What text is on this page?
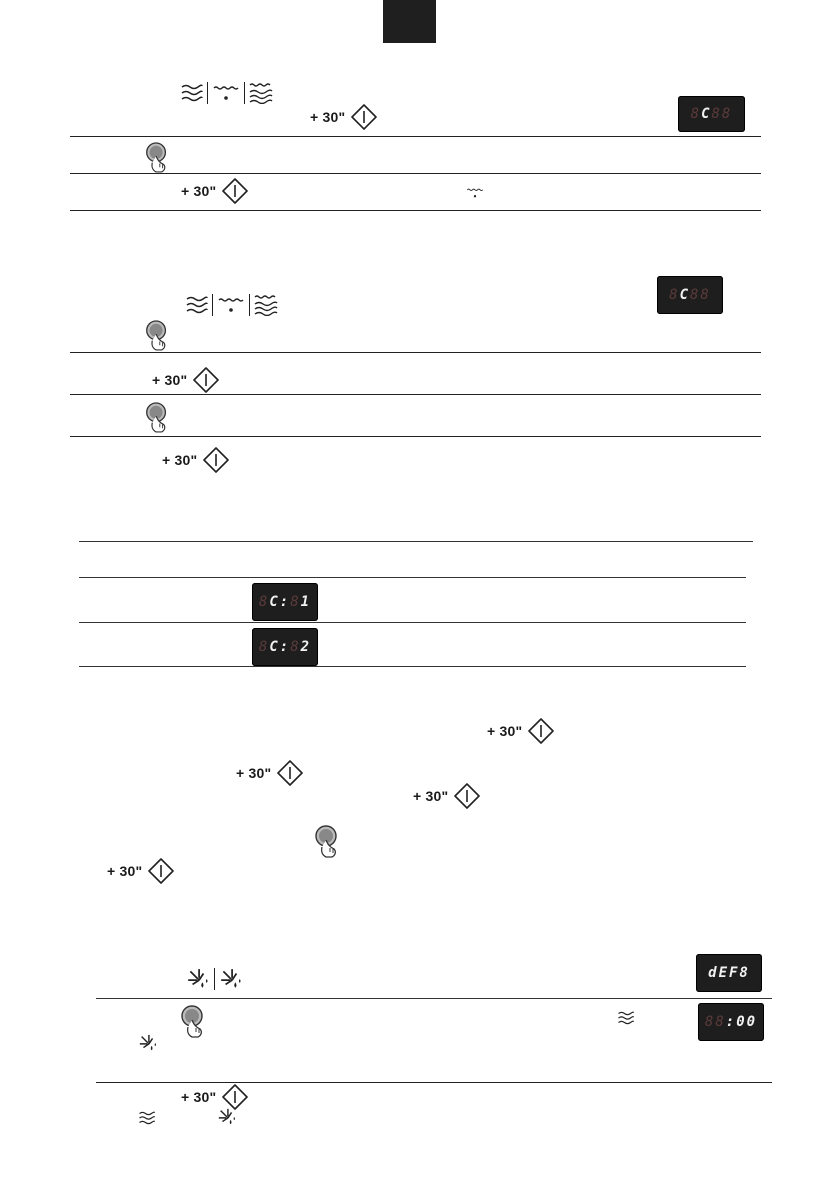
+ 30"	8 C 88
+ 30"
8 C 88
+ 30"
+ 30"
8 C: 8 1
8 C: 8 2
+ 30"
+ 30"
+ 30"
+ 30"
dEF8
88 :00
+ 30"
